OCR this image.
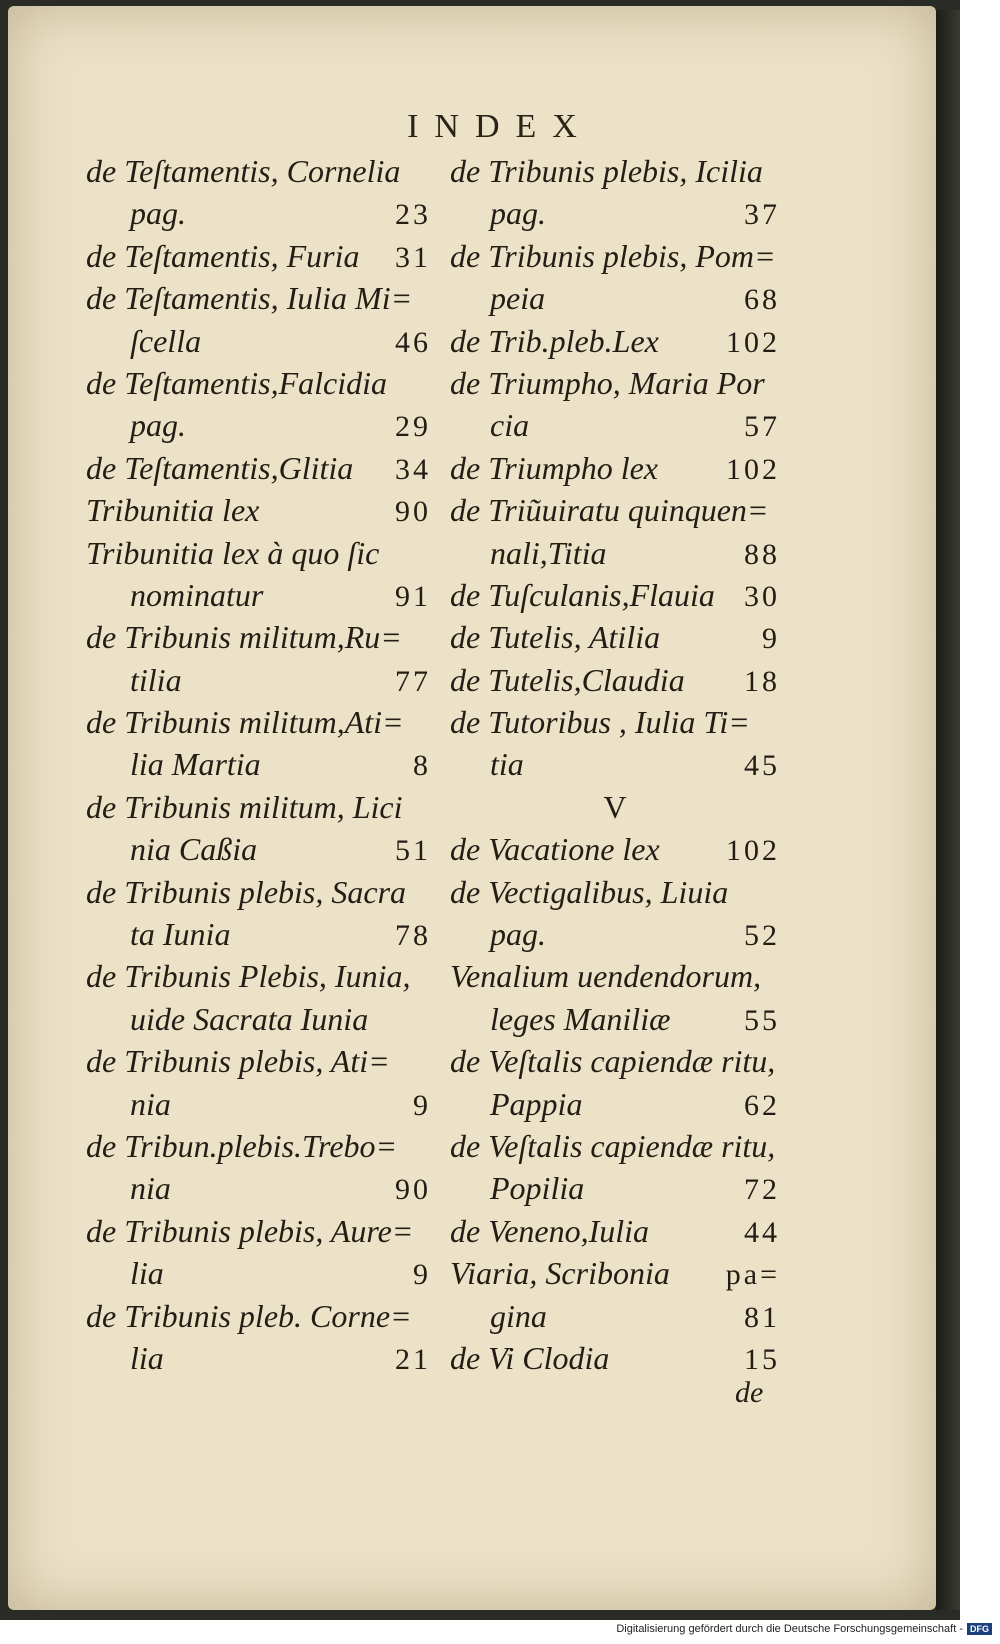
INDEX
de Teſtamentis, Cornelia
pag.	23
de Teſtamentis, Furia 31
de Teſtamentis, Iulia Mi=
ſcella	46
de Teſtamentis,Falcidia
pag.	29
de Teſtamentis,Glitia 34
Tribunitia lex	90
Tribunitia lex à quo ſic
nominatur	91
de Tribunis militum,Ru=
tilia	77
de Tribunis militum,Ati=
lia Martia	8
de Tribunis militum, Lici
nia Caßia	51
de Tribunis plebis, Sacra
ta Iunia	78
de Tribunis Plebis, Iunia,
uide Sacrata Iunia
de Tribunis plebis, Ati=
nia	9
de Tribun.plebis.Trebo=
nia	90
de Tribunis plebis, Aure=
lia	9
de Tribunis pleb. Corne=
lia	21
de Tribunis plebis, Icilia
pag.	37
de Tribunis plebis, Pom=
peia	68
de Trib.pleb.Lex 102
de Triumpho, Maria Por
cia	57
de Triumpho lex 102
de Triũuiratu quinquen=
nali,Titia	88
de Tuſculanis,Flauia 30
de Tutelis, Atilia	9
de Tutelis,Claudia 18
de Tutoribus , Iulia Ti=
tia	45
V
de Vacatione lex 102
de Vectigalibus, Liuia
pag.	52
Venalium uendendorum,
leges Maniliæ 55
de Veſtalis capiendæ ritu,
Pappia	62
de Veſtalis capiendæ ritu,
Popilia	72
de Veneno,Iulia	44
Viaria, Scribonia pa=
gina	81
de Vi Clodia	15
de
Digitalisierung gefördert durch die Deutsche Forschungsgemeinschaft - DFG
